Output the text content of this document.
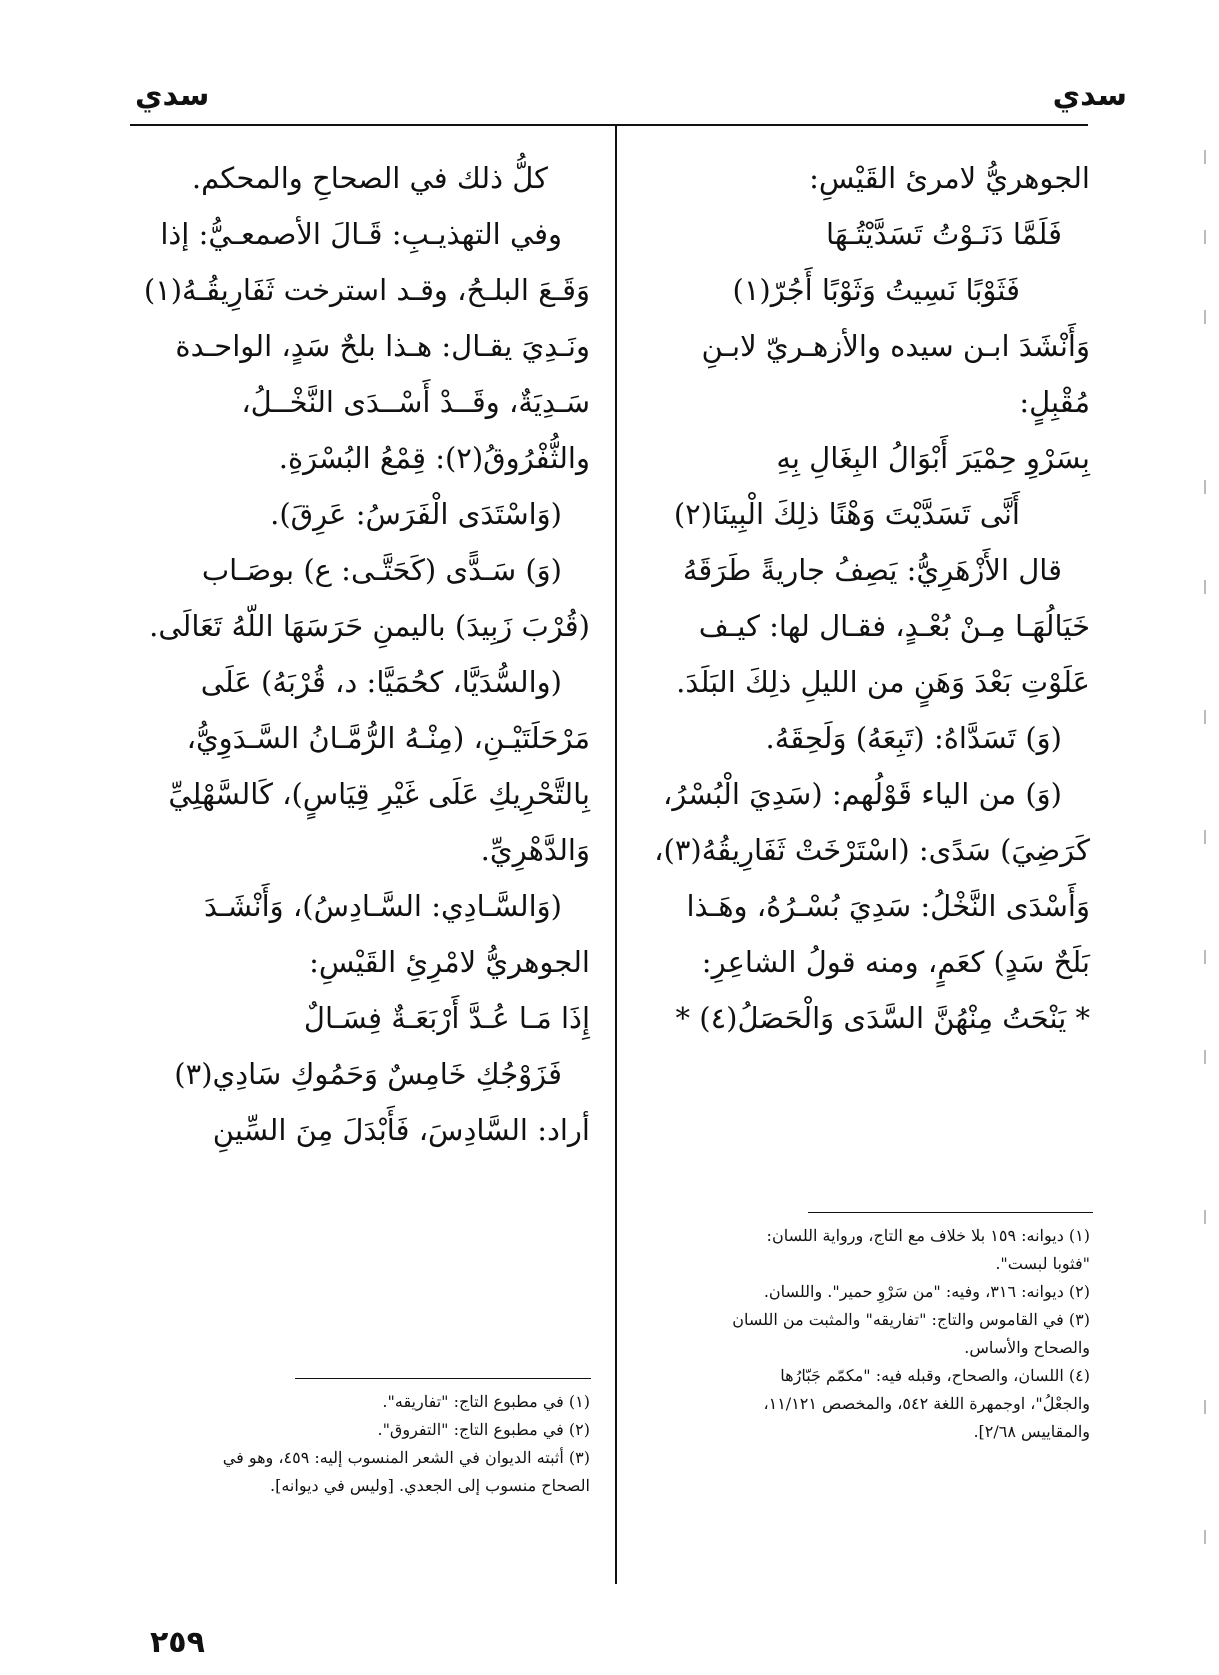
سدي
سدي
الجوهريُّ لامرئ القَيْسِ:
فَلَمَّا دَنَـوْتُ تَسَدَّيْتُـهَا
فَثَوْبًا نَسِيتُ وَثَوْبًا أَجُرّ(١)
وَأَنْشَدَ ابـن سيده والأزهـريّ لابـنِ
مُقْبِلٍ:
بِسَرْوِ حِمْيَرَ أَبْوَالُ البِغَالِ بِهِ
أَنَّى تَسَدَّيْتَ وَهْنًا ذلِكَ الْبِينَا(٢)
قال الأَزْهَرِيُّ: يَصِفُ جاريةً طَرَقَهُ
خَيَالُهَـا مِـنْ بُعْـدٍ، فقـال لها: كيـف
عَلَوْتِ بَعْدَ وَهَنٍ من الليلِ ذلِكَ البَلَدَ.
(وَ) تَسَدَّاهُ: (تَبِعَهُ) وَلَحِقَهُ.
(وَ) من الياء قَوْلُهم: (سَدِيَ الْبُسْرُ،
كَرَضِيَ) سَدًى: (اسْتَرْخَتْ ثَفَارِيقُهُ(٣)،
وَأَسْدَى النَّخْلُ: سَدِيَ بُسْـرُهُ، وهَـذا
بَلَحٌ سَدٍ) كعَمٍ، ومنه قولُ الشاعِرِ:
* يَنْحَتُ مِنْهُنَّ السَّدَى وَالْحَصَلُ(٤) *
(١) ديوانه: ١٥٩ بلا خلاف مع التاج، ورواية اللسان:
"فثوبا لبست".
(٢) ديوانه: ٣١٦، وفيه: "من سَرْوِ حمير". واللسان.
(٣) في القاموس والتاج: "تفاريقه" والمثبت من اللسان
والصحاح والأساس.
(٤) اللسان، والصحاح، وقبله فيه: "مكمّم جَبّارُها
والجعْلُ"، اوجمهرة اللغة ٥٤٢، والمخصص ١١/١٢١،
والمقاييس ٢/٦٨].
كلُّ ذلك في الصحاحِ والمحكم.
وفي التهذيـبِ: قَـالَ الأصمعـيُّ: إذا
وَقَـعَ البلـحُ، وقـد استرخت ثَفَارِيقُـهُ(١)
ونَـدِيَ يقـال: هـذا بلحٌ سَدٍ، الواحـدة
سَـدِيَةٌ، وقَــدْ أَسْــدَى النَّخْــلُ،
والثُّفْرُوقُ(٢): قِمْعُ البُسْرَةِ.
(وَاسْتَدَى الْفَرَسُ: عَرِقَ).
(وَ) سَـدًّى (كَحَتَّـى: ع) بوصَـاب
(قُرْبَ زَبِيدَ) باليمنِ حَرَسَهَا اللّهُ تَعَالَى.
(والسُّدَيَّا، كحُمَيَّا: د، قُرْبَهُ) عَلَى
مَرْحَلَتَيْـنِ، (مِنْـهُ الرُّمَّـانُ السَّـدَوِيُّ،
بِالتَّحْرِيكِ عَلَى غَيْرِ قِيَاسٍ)، كَالسَّهْلِيِّ
وَالدَّهْرِيِّ.
(وَالسَّـادِي: السَّـادِسُ)، وَأَنْشَـدَ
الجوهريُّ لامْرِئِ القَيْسِ:
إِذَا مَـا عُـدَّ أَرْبَعَـةٌ فِسَـالٌ
فَزَوْجُكِ خَامِسٌ وَحَمُوكِ سَادِي(٣)
أراد: السَّادِسَ، فَأَبْدَلَ مِنَ السِّينِ
(١) في مطبوع التاج: "تفاريقه".
(٢) في مطبوع التاج: "التفروق".
(٣) أثبته الديوان في الشعر المنسوب إليه: ٤٥٩، وهو في
الصحاح منسوب إلى الجعدي. [وليس في ديوانه].
٢٥٩
